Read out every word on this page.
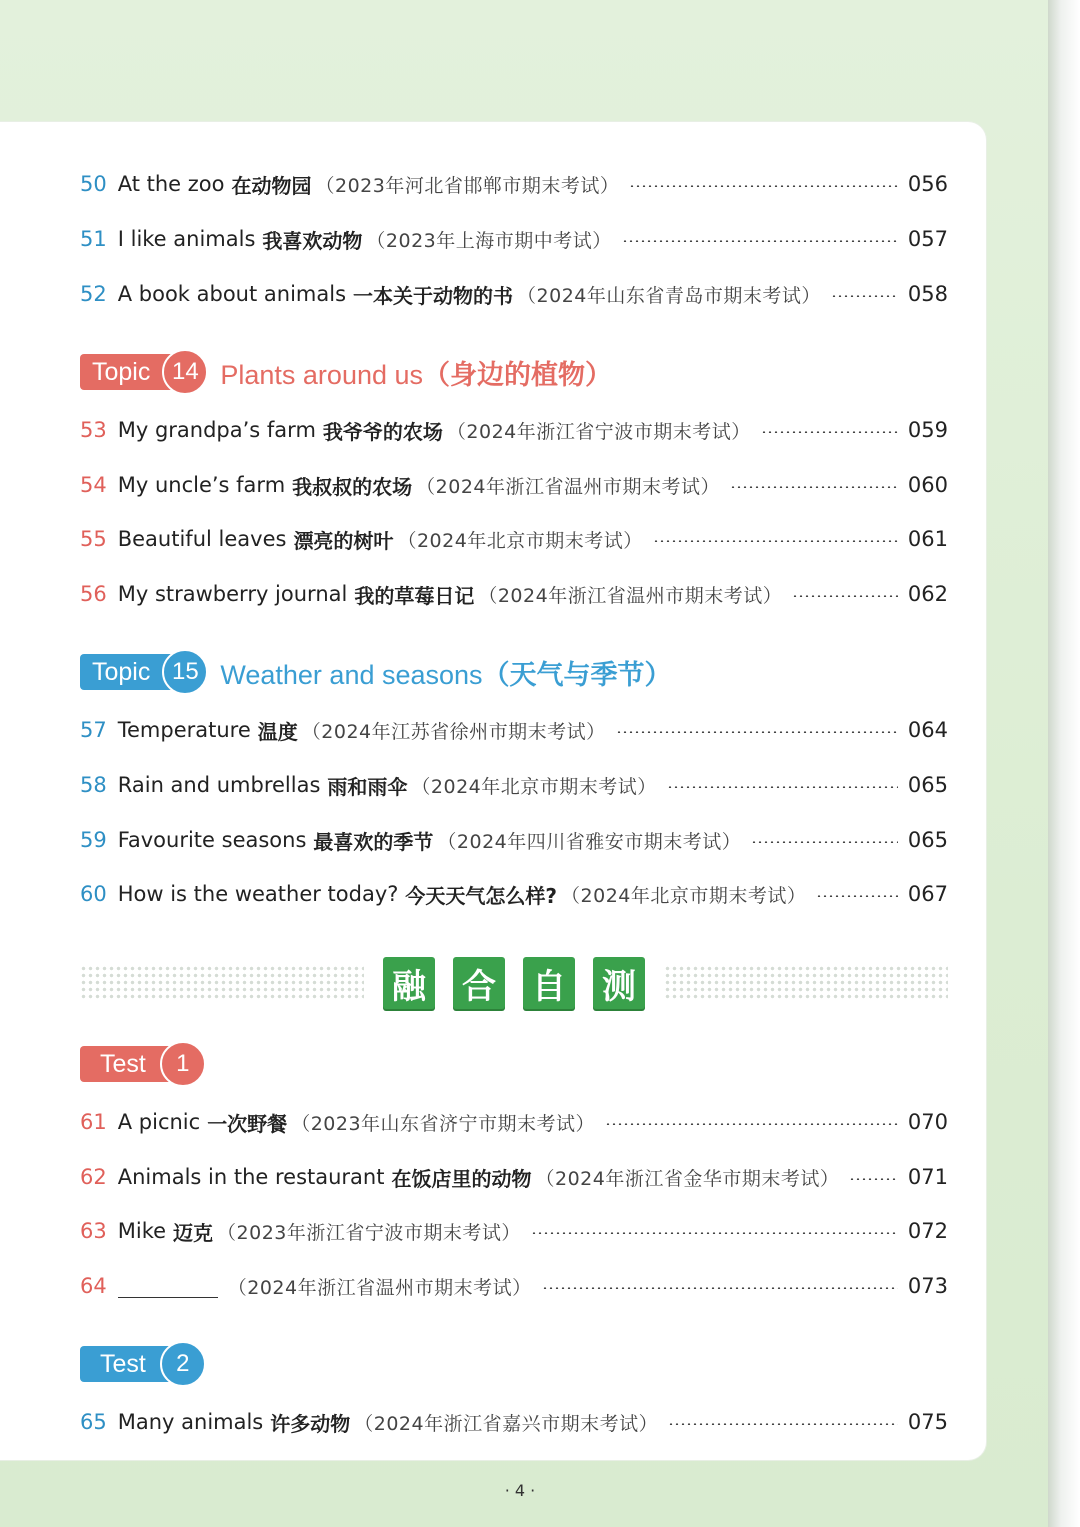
50 At the zoo 在动物园 （2023年河北省邯郸市期末考试）	056
51 I like animals 我喜欢动物 （2023年上海市期中考试）	057
52 A book about animals 一本关于动物的书 （2024年山东省青岛市期末考试）	058
Topic 14 Plants around us（身边的植物）
53 My grandpa’s farm 我爷爷的农场 （2024年浙江省宁波市期末考试）	059
54 My uncle’s farm 我叔叔的农场 （2024年浙江省温州市期末考试）	060
55 Beautiful leaves 漂亮的树叶 （2024年北京市期末考试）	061
56 My strawberry journal 我的草莓日记 （2024年浙江省温州市期末考试）	062
Topic 15 Weather and seasons（天气与季节）
57 Temperature 温度 （2024年江苏省徐州市期末考试）	064
58 Rain and umbrellas 雨和雨伞 （2024年北京市期末考试）	065
59 Favourite seasons 最喜欢的季节 （2024年四川省雅安市期末考试）	065
60 How is the weather today? 今天天气怎么样? （2024年北京市期末考试）	067
融 合 自 测
Test	1
61 A picnic 一次野餐 （2023年山东省济宁市期末考试）	070
62 Animals in the restaurant 在饭店里的动物 （2024年浙江省金华市期末考试）	071
63 Mike 迈克 （2023年浙江省宁波市期末考试）	072
64	（2024年浙江省温州市期末考试）	073
Test	2
65 Many animals 许多动物 （2024年浙江省嘉兴市期末考试）	075
· 4 ·
